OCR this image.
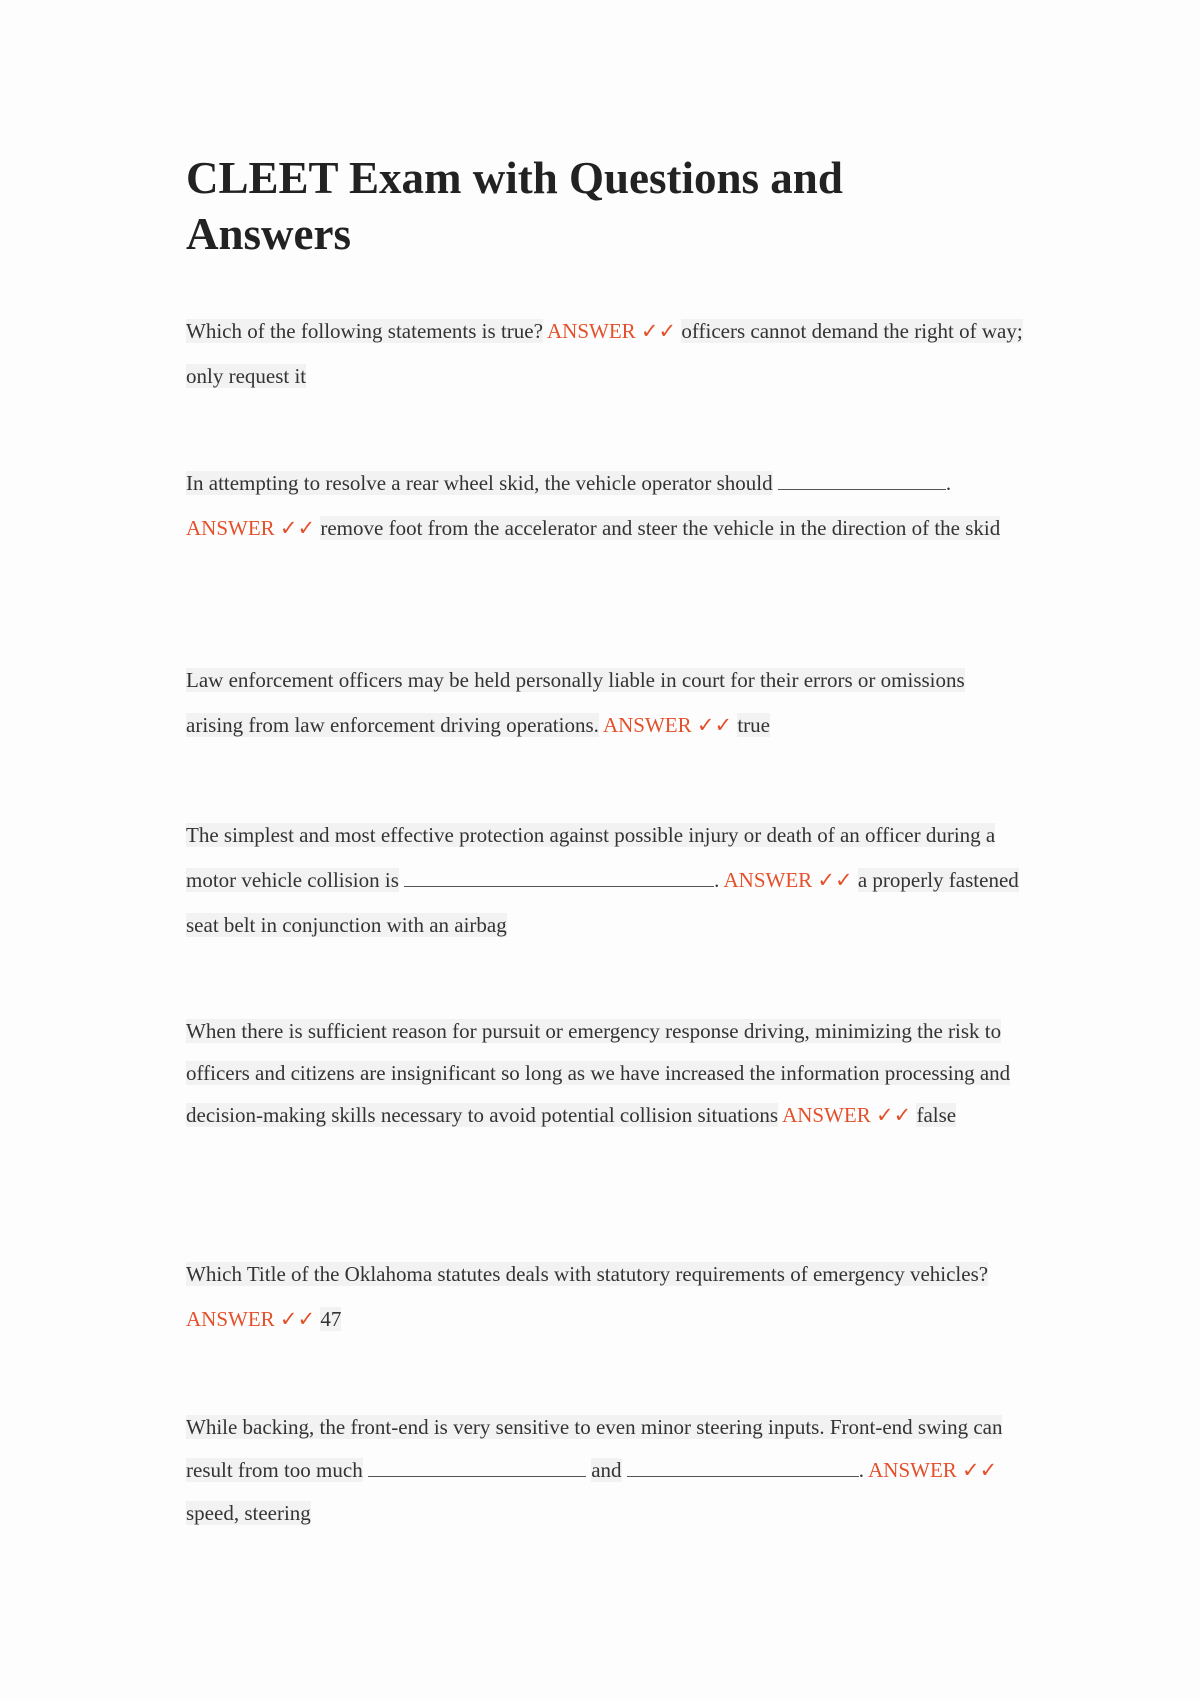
CLEET Exam with Questions and Answers
Which of the following statements is true? ANSWER ✓✓ officers cannot demand the right of way; only request it
In attempting to resolve a rear wheel skid, the vehicle operator should	. ANSWER ✓✓ remove foot from the accelerator and steer the vehicle in the direction of the skid
Law enforcement officers may be held personally liable in court for their errors or omissions arising from law enforcement driving operations. ANSWER ✓✓ true
The simplest and most effective protection against possible injury or death of an officer during a motor vehicle collision is	. ANSWER ✓✓ a properly fastened seat belt in conjunction with an airbag
When there is sufficient reason for pursuit or emergency response driving, minimizing the risk to officers and citizens are insignificant so long as we have increased the information processing and decision-making skills necessary to avoid potential collision situations ANSWER ✓✓ false
Which Title of the Oklahoma statutes deals with statutory requirements of emergency vehicles? ANSWER ✓✓ 47
While backing, the front-end is very sensitive to even minor steering inputs. Front-end swing can result from too much	and	. ANSWER ✓✓ speed, steering
